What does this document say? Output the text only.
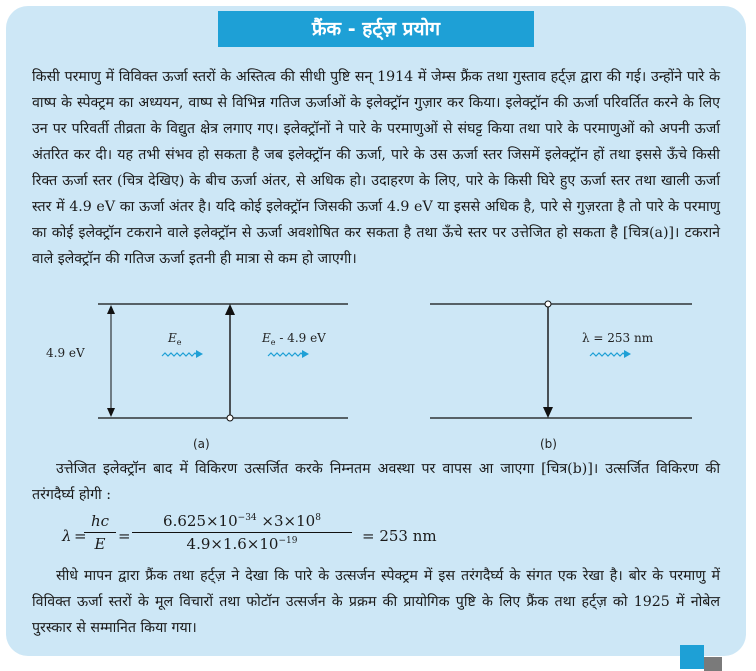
फ्रैंक - हर्ट्ज़ प्रयोग

किसी परमाणु में विविक्त ऊर्जा स्तरों के अस्तित्व की सीधी पुष्टि सन् 1914 में जेम्स फ्रैंक तथा गुस्ताव हर्ट्ज़ द्वारा की गई। उन्होंने पारे के वाष्प के स्पेक्ट्रम का अध्ययन, वाष्प से विभिन्न गतिज ऊर्जाओं के इलेक्ट्रॉन गुज़ार कर किया। इलेक्ट्रॉन की ऊर्जा परिवर्तित करने के लिए उन पर परिवर्ती तीव्रता के विद्युत क्षेत्र लगाए गए। इलेक्ट्रॉनों ने पारे के परमाणुओं से संघट्ट किया तथा पारे के परमाणुओं को अपनी ऊर्जा अंतरित कर दी। यह तभी संभव हो सकता है जब इलेक्ट्रॉन की ऊर्जा, पारे के उस ऊर्जा स्तर जिसमें इलेक्ट्रॉन हों तथा इससे ऊँचे किसी रिक्त ऊर्जा स्तर (चित्र देखिए) के बीच ऊर्जा अंतर, से अधिक हो। उदाहरण के लिए, पारे के किसी घिरे हुए ऊर्जा स्तर तथा खाली ऊर्जा स्तर में 4.9 eV का ऊर्जा अंतर है। यदि कोई इलेक्ट्रॉन जिसकी ऊर्जा 4.9 eV या इससे अधिक है, पारे से गुज़रता है तो पारे के परमाणु का कोई इलेक्ट्रॉन टकराने वाले इलेक्ट्रॉन से ऊर्जा अवशोषित कर सकता है तथा ऊँचे स्तर पर उत्तेजित हो सकता है [चित्र(a)]। टकराने वाले इलेक्ट्रॉन की गतिज ऊर्जा इतनी ही मात्रा से कम हो जाएगी।

4.9 eV
$E_e$	$E_e - 4.9$ eV
(a)
λ = 253 nm
(b)

उत्तेजित इलेक्ट्रॉन बाद में विकिरण उत्सर्जित करके निम्नतम अवस्था पर वापस आ जाएगा [चित्र(b)]। उत्सर्जित विकिरण की तरंगदैर्घ्य होगी :

λ =
$\frac{hc}{E} = \frac{6.625\times 10^{-34} \times 3\times 10^8}{4.9\times 1.6\times 10^{-19}} = 253$ nm

सीधे मापन द्वारा फ्रैंक तथा हर्ट्ज़ ने देखा कि पारे के उत्सर्जन स्पेक्ट्रम में इस तरंगदैर्घ्य के संगत एक रेखा है। बोर के परमाणु में विविक्त ऊर्जा स्तरों के मूल विचारों तथा फोटॉन उत्सर्जन के प्रक्रम की प्रायोगिक पुष्टि के लिए फ्रैंक तथा हर्ट्ज़ को 1925 में नोबेल पुरस्कार से सम्मानित किया गया।
